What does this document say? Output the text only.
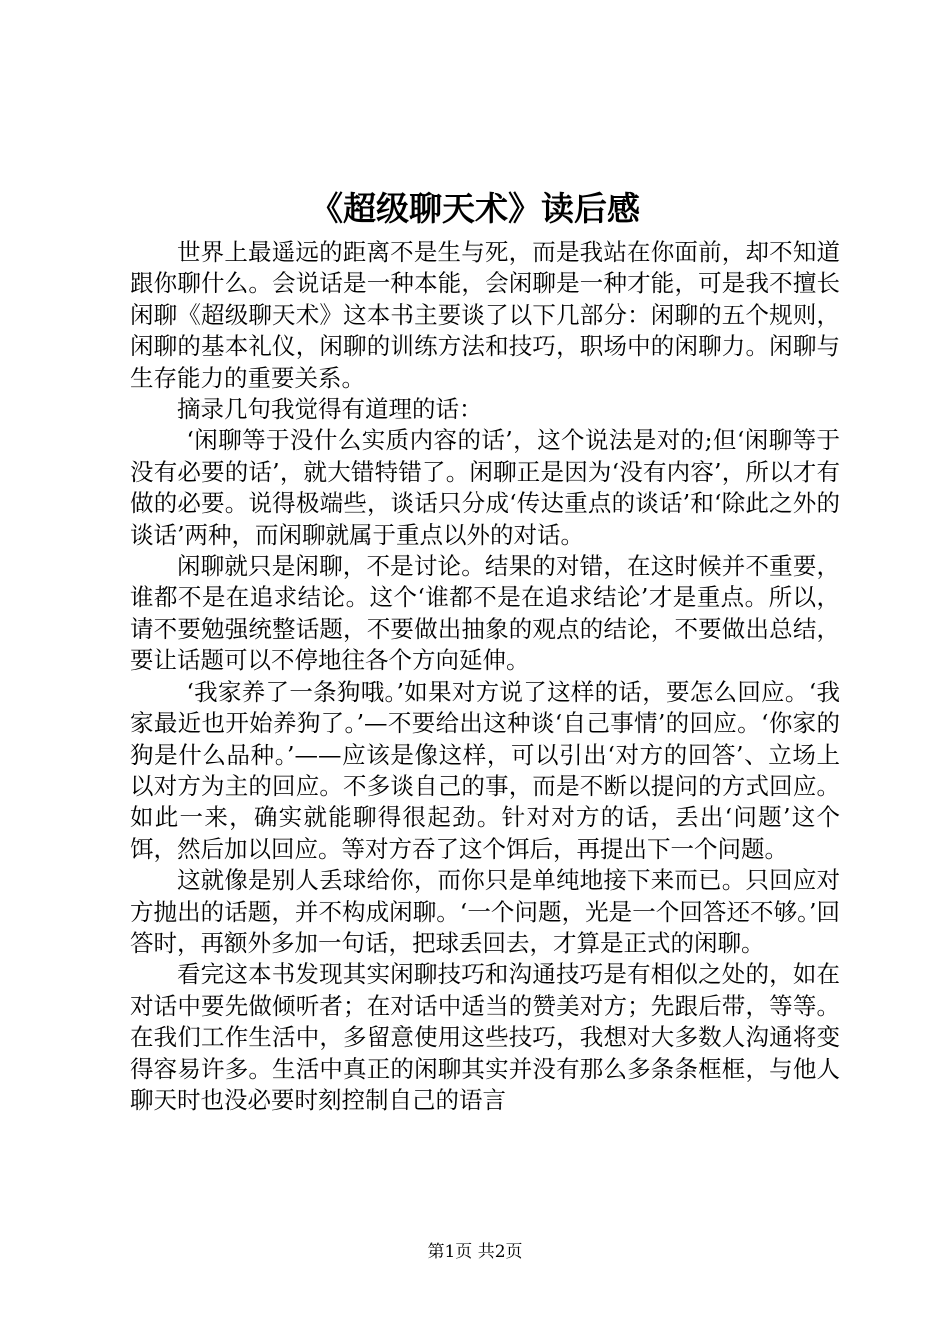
《超级聊天术》读后感

世界上最遥远的距离不是生与死，而是我站在你面前，却不知道跟你聊什么。会说话是一种本能，会闲聊是一种才能，可是我不擅长闲聊《超级聊天术》这本书主要谈了以下几部分：闲聊的五个规则，闲聊的基本礼仪，闲聊的训练方法和技巧，职场中的闲聊力。闲聊与生存能力的重要关系。

摘录几句我觉得有道理的话：

‘闲聊等于没什么实质内容的话’，这个说法是对的;但‘闲聊等于没有必要的话’，就大错特错了。闲聊正是因为‘没有内容’，所以才有做的必要。说得极端些，谈话只分成‘传达重点的谈话’和‘除此之外的谈话’两种，而闲聊就属于重点以外的对话。

闲聊就只是闲聊，不是讨论。结果的对错，在这时候并不重要，谁都不是在追求结论。这个‘谁都不是在追求结论’才是重点。所以，请不要勉强统整话题，不要做出抽象的观点的结论，不要做出总结，要让话题可以不停地往各个方向延伸。

‘我家养了一条狗哦。’如果对方说了这样的话，要怎么回应。‘我家最近也开始养狗了。’—不要给出这种谈‘自己事情’的回应。‘你家的狗是什么品种。’——应该是像这样，可以引出‘对方的回答’、立场上以对方为主的回应。不多谈自己的事，而是不断以提问的方式回应。如此一来，确实就能聊得很起劲。针对对方的话，丢出‘问题’这个饵，然后加以回应。等对方吞了这个饵后，再提出下一个问题。

这就像是别人丢球给你，而你只是单纯地接下来而已。只回应对方抛出的话题，并不构成闲聊。‘一个问题，光是一个回答还不够。’回答时，再额外多加一句话，把球丢回去，才算是正式的闲聊。

看完这本书发现其实闲聊技巧和沟通技巧是有相似之处的，如在对话中要先做倾听者；在对话中适当的赞美对方；先跟后带，等等。在我们工作生活中，多留意使用这些技巧，我想对大多数人沟通将变得容易许多。生活中真正的闲聊其实并没有那么多条条框框，与他人聊天时也没必要时刻控制自己的语言

第1页 共2页
